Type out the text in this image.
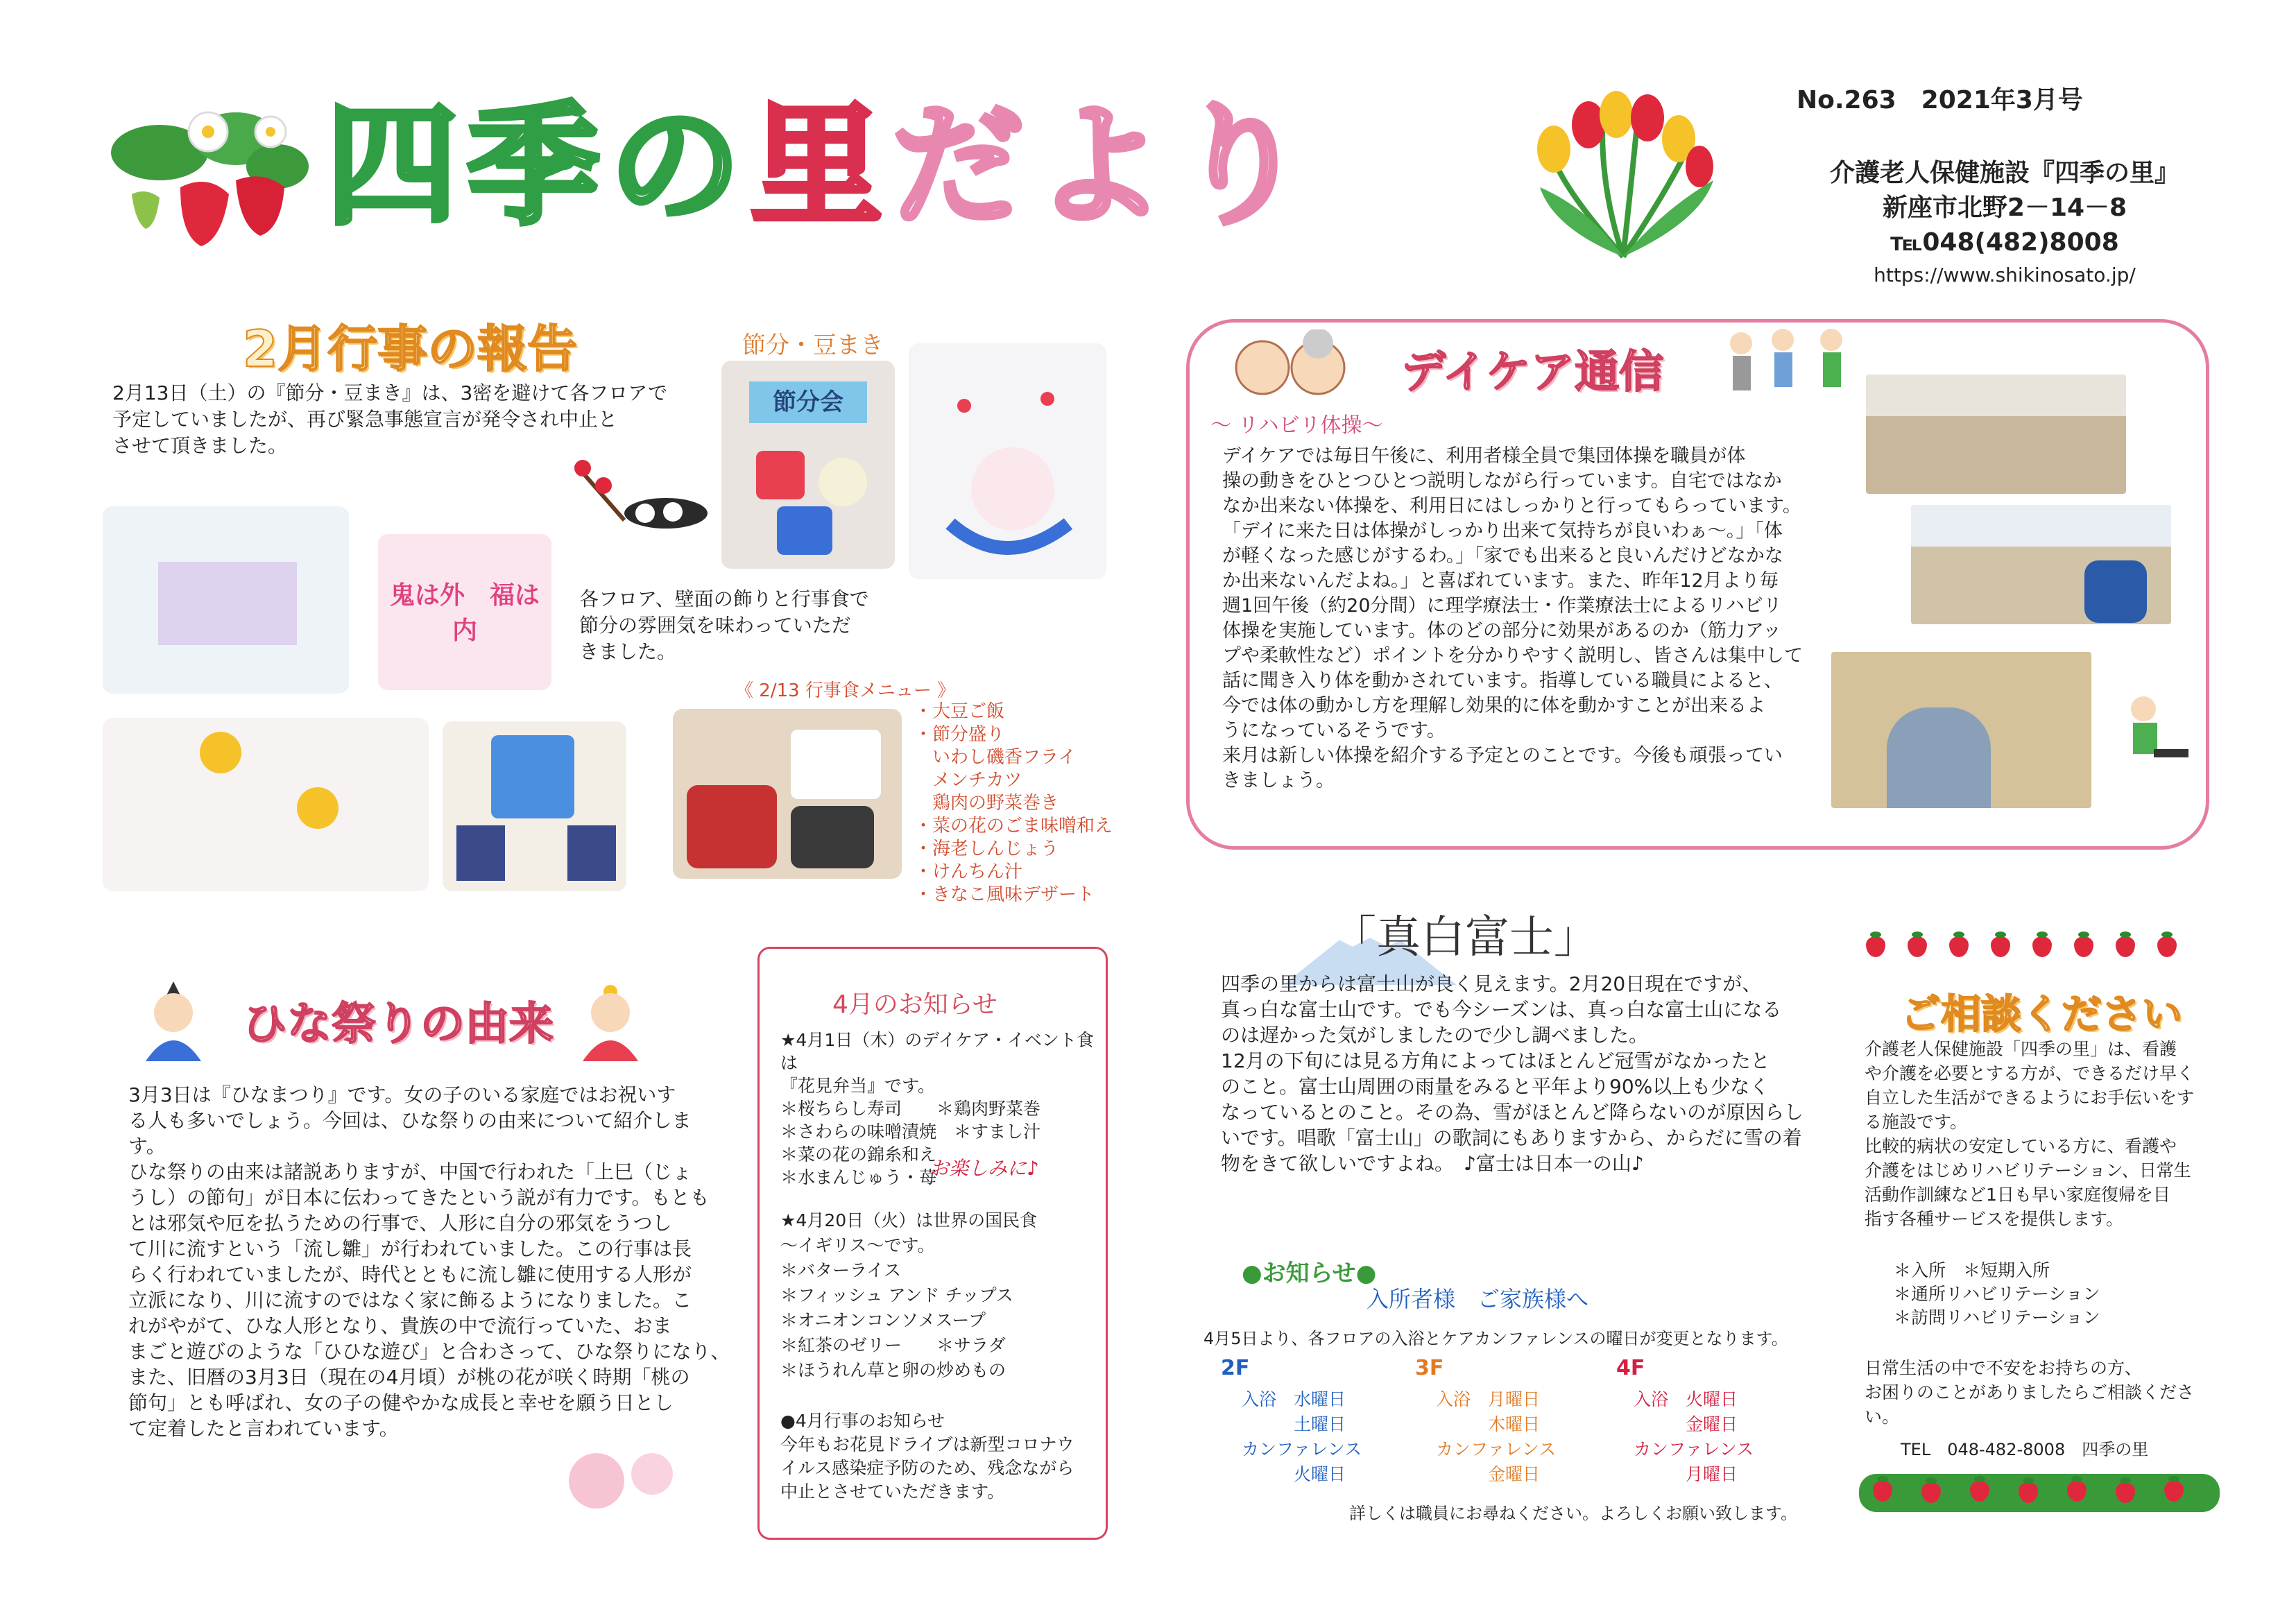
四季の里だより	No.263　2021年3月号
介護老人保健施設『四季の里』
新座市北野2－14－8
℡048(482)8008
https://www.shikinosato.jp/
2月行事の報告	節分・豆まき
2月13日（土）の『節分・豆まき』は、3密を避けて各フロアで
予定していましたが、再び緊急事態宣言が発令され中止と
させて頂きました。
節分会
鬼は外　福は内
各フロア、壁面の飾りと行事食で
節分の雰囲気を味わっていただ
きました。
《 2/13 行事食メニュー 》
・大豆ご飯
・節分盛り
　いわし磯香フライ
　メンチカツ
　鶏肉の野菜巻き
・菜の花のごま味噌和え
・海老しんじょう
・けんちん汁
・きなこ風味デザート
デイケア通信
～ リハビリ体操～
デイケアでは毎日午後に、利用者様全員で集団体操を職員が体
操の動きをひとつひとつ説明しながら行っています。自宅ではなか
なか出来ない体操を、利用日にはしっかりと行ってもらっています。
「デイに来た日は体操がしっかり出来て気持ちが良いわぁ～。」「体
が軽くなった感じがするわ。」「家でも出来ると良いんだけどなかな
か出来ないんだよね。」と喜ばれています。また、昨年12月より毎
週1回午後（約20分間）に理学療法士・作業療法士によるリハビリ
体操を実施しています。体のどの部分に効果があるのか（筋力アッ
プや柔軟性など）ポイントを分かりやすく説明し、皆さんは集中して
話に聞き入り体を動かされています。指導している職員によると、
今では体の動かし方を理解し効果的に体を動かすことが出来るよ
うになっているそうです。
来月は新しい体操を紹介する予定とのことです。今後も頑張ってい
きましょう。
ひな祭りの由来
3月3日は『ひなまつり』です。女の子のいる家庭ではお祝いす
る人も多いでしょう。今回は、ひな祭りの由来について紹介しま
す。
ひな祭りの由来は諸説ありますが、中国で行われた「上巳（じょ
うし）の節句」が日本に伝わってきたという説が有力です。もとも
とは邪気や厄を払うための行事で、人形に自分の邪気をうつし
て川に流すという「流し雛」が行われていました。この行事は長
らく行われていましたが、時代とともに流し雛に使用する人形が
立派になり、川に流すのではなく家に飾るようになりました。こ
れがやがて、ひな人形となり、貴族の中で流行っていた、おま
まごと遊びのような「ひひな遊び」と合わさって、ひな祭りになり、
また、旧暦の3月3日（現在の4月頃）が桃の花が咲く時期「桃の
節句」とも呼ばれ、女の子の健やかな成長と幸せを願う日とし
て定着したと言われています。
4月のお知らせ
★4月1日（木）のデイケア・イベント食は
『花見弁当』です。
＊桜ちらし寿司　　＊鶏肉野菜巻
＊さわらの味噌漬焼　＊すまし汁
＊菜の花の錦糸和え
＊水まんじゅう・苺
お楽しみに♪
★4月20日（火）は世界の国民食
～イギリス～です。
＊バターライス
＊フィッシュ アンド チップス
＊オニオンコンソメスープ
＊紅茶のゼリー　　＊サラダ
＊ほうれん草と卵の炒めもの
●4月行事のお知らせ
今年もお花見ドライブは新型コロナウ
イルス感染症予防のため、残念ながら
中止とさせていただきます。
「真白富士」
四季の里からは富士山が良く見えます。2月20日現在ですが、
真っ白な富士山です。でも今シーズンは、真っ白な富士山になる
のは遅かった気がしましたので少し調べました。
12月の下旬には見る方角によってはほとんど冠雪がなかったと
のこと。富士山周囲の雨量をみると平年より90%以上も少なく
なっているとのこと。その為、雪がほとんど降らないのが原因らし
いです。唱歌「富士山」の歌詞にもありますから、からだに雪の着
物をきて欲しいですよね。　♪富士は日本一の山♪
●お知らせ●
入所者様　ご家族様へ
4月5日より、各フロアの入浴とケアカンファレンスの曜日が変更となります。
2F
入浴　水曜日
　　　土曜日
カンファレンス
　　　火曜日
3F
入浴　月曜日
　　　木曜日
カンファレンス
　　　金曜日
4F
入浴　火曜日
　　　金曜日
カンファレンス
　　　月曜日
詳しくは職員にお尋ねください。よろしくお願い致します。
ご相談ください
介護老人保健施設「四季の里」は、看護
や介護を必要とする方が、できるだけ早く
自立した生活ができるようにお手伝いをす
る施設です。
比較的病状の安定している方に、看護や
介護をはじめリハビリテーション、日常生
活動作訓練など1日も早い家庭復帰を目
指す各種サービスを提供します。
＊入所　＊短期入所
＊通所リハビリテーション
＊訪問リハビリテーション
日常生活の中で不安をお持ちの方、
お困りのことがありましたらご相談ください。
TEL　048-482-8008　四季の里
